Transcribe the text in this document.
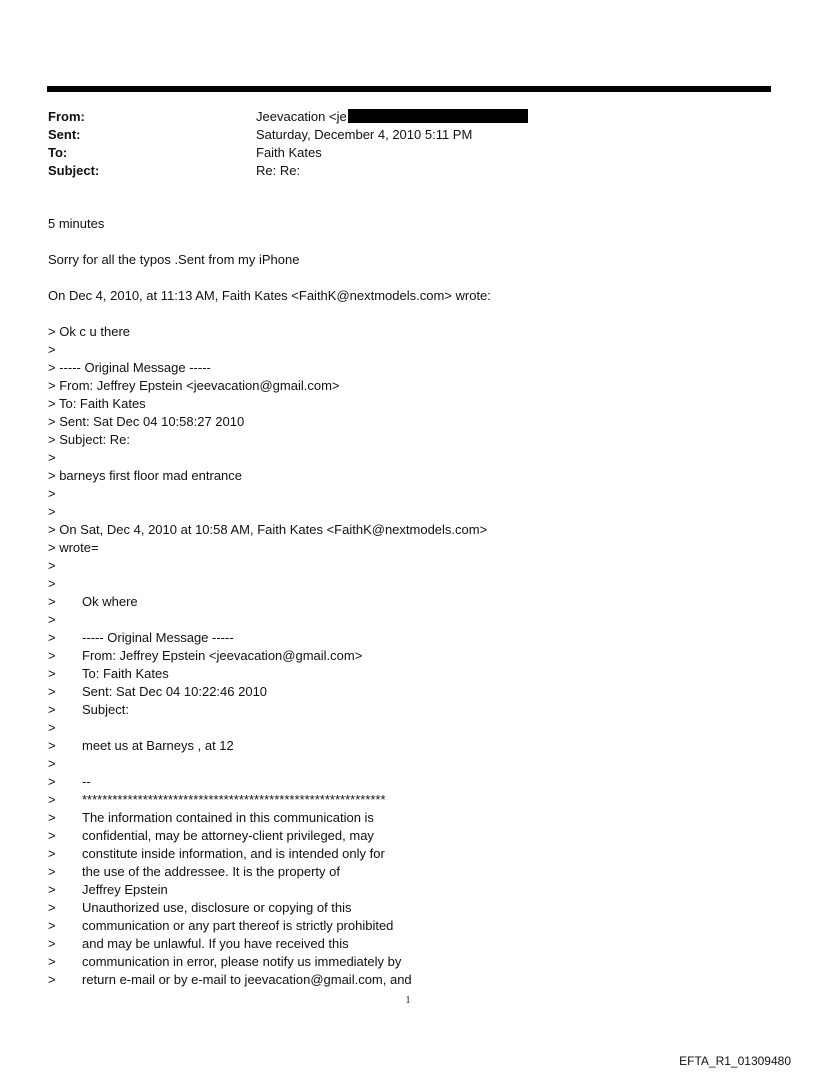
From:	Jeevacation <je
Sent:	Saturday, December 4, 2010 5:11 PM
To:	Faith Kates
Subject:	Re: Re:
5 minutes
Sorry for all the typos .Sent from my iPhone
On Dec 4, 2010, at 11:13 AM, Faith Kates <FaithK@nextmodels.com> wrote:
> Ok c u there
>
> ----- Original Message -----
> From: Jeffrey Epstein <jeevacation@gmail.com>
> To: Faith Kates
> Sent: Sat Dec 04 10:58:27 2010
> Subject: Re:
>
> barneys first floor mad entrance
>
>
> On Sat, Dec 4, 2010 at 10:58 AM, Faith Kates <FaithK@nextmodels.com>
> wrote=
>
>
> Ok where
>
> ----- Original Message -----
> From: Jeffrey Epstein <jeevacation@gmail.com>
> To: Faith Kates
> Sent: Sat Dec 04 10:22:46 2010
> Subject:
>
> meet us at Barneys , at 12
>
> --
> ************************************************************
> The information contained in this communication is
> confidential, may be attorney-client privileged, may
> constitute inside information, and is intended only for
> the use of the addressee. It is the property of
> Jeffrey Epstein
> Unauthorized use, disclosure or copying of this
> communication or any part thereof is strictly prohibited
> and may be unlawful. If you have received this
> communication in error, please notify us immediately by
> return e-mail or by e-mail to jeevacation@gmail.com, and
1
EFTA_R1_01309480
